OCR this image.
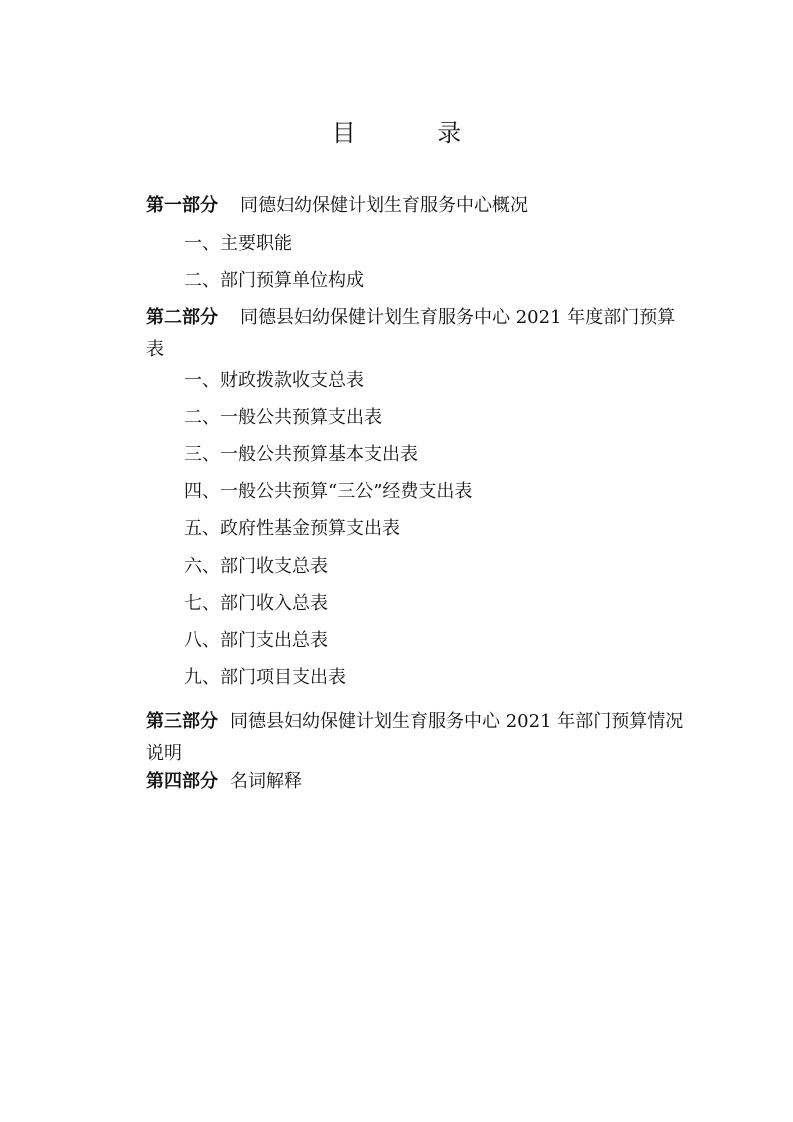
目　录
第一部分 同德妇幼保健计划生育服务中心概况
一、主要职能
二、部门预算单位构成
第二部分 同德县妇幼保健计划生育服务中心 2021 年度部门预算表
一、财政拨款收支总表
二、一般公共预算支出表
三、一般公共预算基本支出表
四、一般公共预算“三公”经费支出表
五、政府性基金预算支出表
六、部门收支总表
七、部门收入总表
八、部门支出总表
九、部门项目支出表
第三部分 同德县妇幼保健计划生育服务中心 2021 年部门预算情况说明
第四部分 名词解释
